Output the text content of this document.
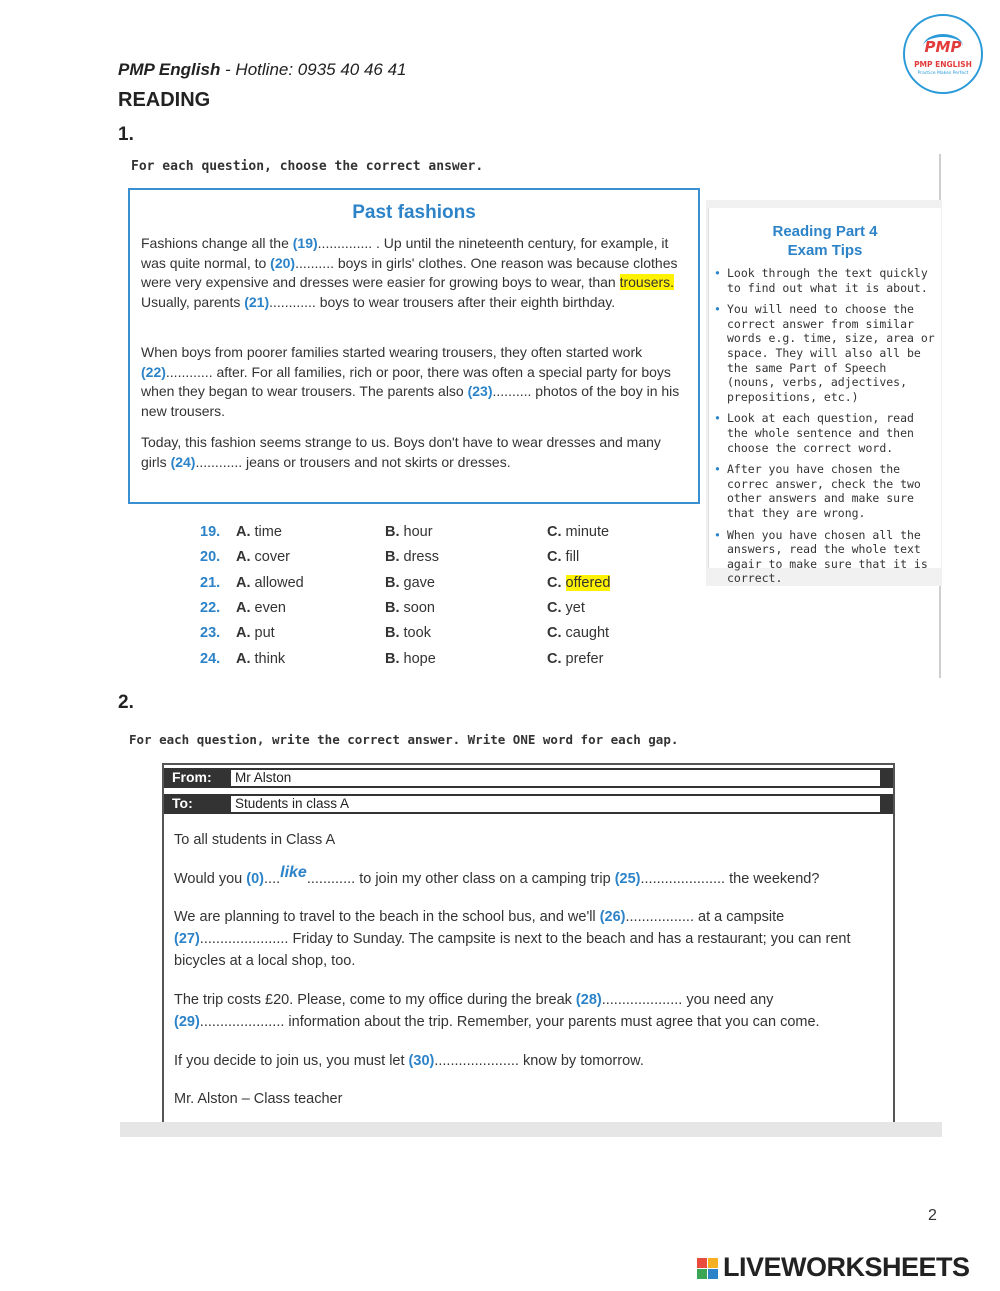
PMP English - Hotline: 0935 40 46 41
READING
PMP
PMP ENGLISH
Practice Makes Perfect
1.
For each question, choose the correct answer.
Past fashions
Fashions change all the (19).............. . Up until the nineteenth century, for example, it was quite normal, to (20).......... boys in girls' clothes. One reason was because clothes were very expensive and dresses were easier for growing boys to wear, than trousers. Usually, parents (21)............ boys to wear trousers after their eighth birthday.
When boys from poorer families started wearing trousers, they often started work (22)............ after. For all families, rich or poor, there was often a special party for boys when they began to wear trousers. The parents also (23).......... photos of the boy in his new trousers.
Today, this fashion seems strange to us. Boys don't have to wear dresses and many girls (24)............ jeans or trousers and not skirts or dresses.
Reading Part 4
Exam Tips
• Look through the text quickly to find out what it is about.
• You will need to choose the correct answer from similar words e.g. time, size, area or space. They will also all be the same Part of Speech (nouns, verbs, adjectives, prepositions, etc.)
• Look at each question, read the whole sentence and then choose the correct word.
• After you have chosen the correc answer, check the two other answers and make sure that they are wrong.
• When you have chosen all the answers, read the whole text agair to make sure that it is correct.
19. A. time	B. hour	C. minute
20. A. cover	B. dress	C. fill
21. A. allowed	B. gave	C. offered
22. A. even	B. soon	C. yet
23. A. put	B. took	C. caught
24. A. think	B. hope	C. prefer
2.
For each question, write the correct answer. Write ONE word for each gap.
From:	Mr Alston
To:	Students in class A
To all students in Class A
Would you (0)....like............ to join my other class on a camping trip (25)..................... the weekend?
We are planning to travel to the beach in the school bus, and we'll (26)................. at a campsite (27)...................... Friday to Sunday. The campsite is next to the beach and has a restaurant; you can rent bicycles at a local shop, too.
The trip costs £20. Please, come to my office during the break (28).................... you need any (29)..................... information about the trip. Remember, your parents must agree that you can come.
If you decide to join us, you must let (30)..................... know by tomorrow.
Mr. Alston – Class teacher
2
LIVEWORKSHEETS
